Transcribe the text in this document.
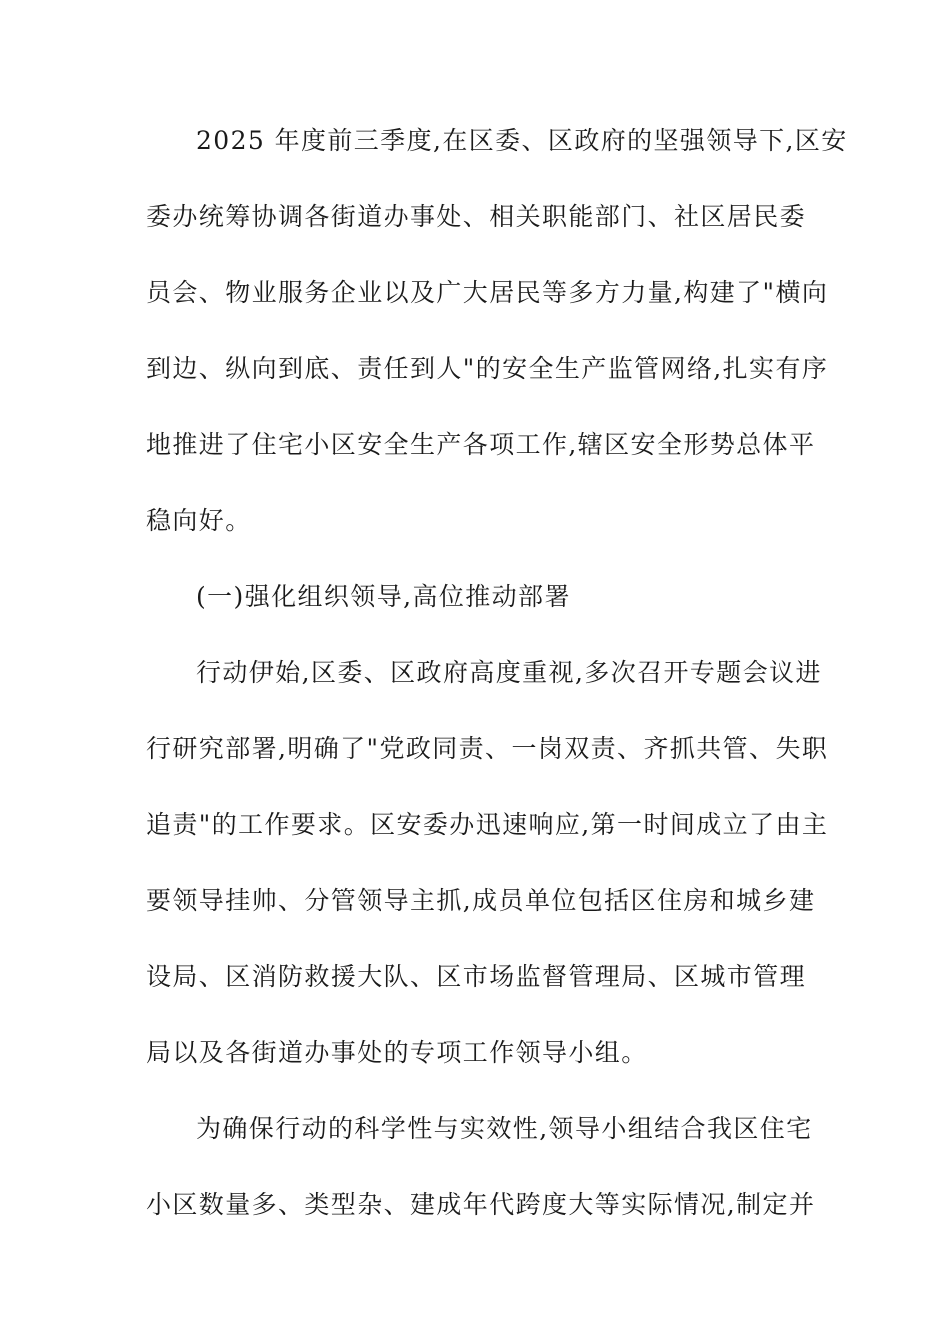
2025 年度前三季度,在区委、区政府的坚强领导下,区安

委办统筹协调各街道办事处、相关职能部门、社区居民委

员会、物业服务企业以及广大居民等多方力量,构建了"横向

到边、纵向到底、责任到人"的安全生产监管网络,扎实有序

地推进了住宅小区安全生产各项工作,辖区安全形势总体平

稳向好。

(一)强化组织领导,高位推动部署

行动伊始,区委、区政府高度重视,多次召开专题会议进

行研究部署,明确了"党政同责、一岗双责、齐抓共管、失职

追责"的工作要求。区安委办迅速响应,第一时间成立了由主

要领导挂帅、分管领导主抓,成员单位包括区住房和城乡建

设局、区消防救援大队、区市场监督管理局、区城市管理

局以及各街道办事处的专项工作领导小组。

为确保行动的科学性与实效性,领导小组结合我区住宅

小区数量多、类型杂、建成年代跨度大等实际情况,制定并
